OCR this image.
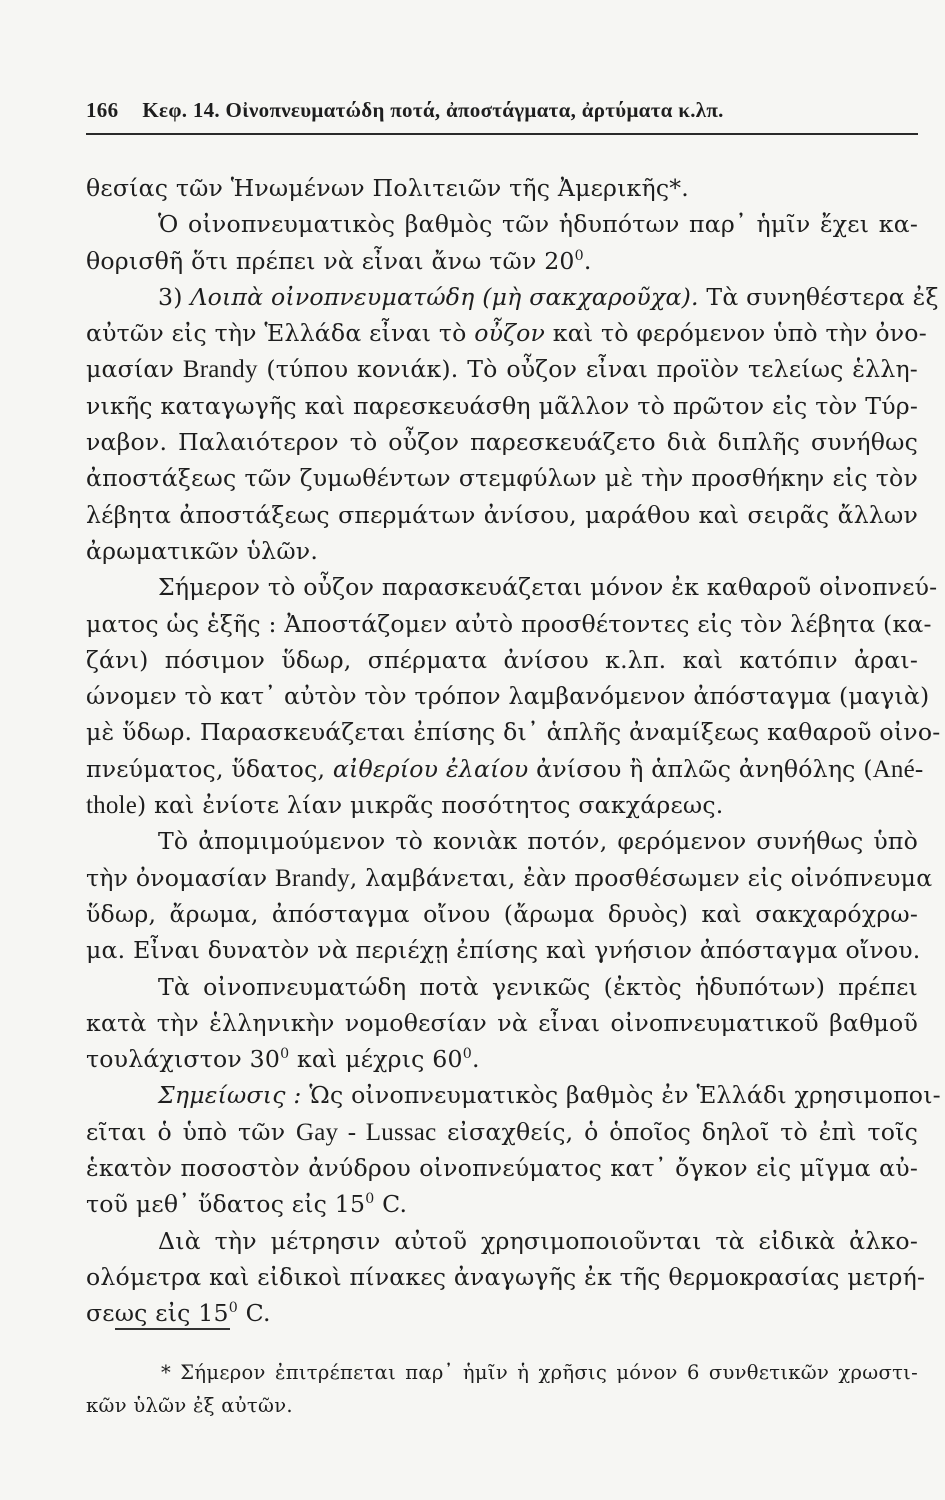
166 Κεφ. 14. Οἰνοπνευματώδη ποτά, ἀποστάγματα, ἀρτύματα κ.λπ.
θεσίας τῶν Ἡνωμένων Πολιτειῶν τῆς Ἀμερικῆς*.
Ὁ οἰνοπνευματικὸς βαθμὸς τῶν ἡδυπότων παρ᾽ ἡμῖν ἔχει κα-
θορισθῆ ὅτι πρέπει νὰ εἶναι ἄνω τῶν $20^0$.
3) Λοιπὰ οἰνοπνευματώδη (μὴ σακχαροῦχα). Τὰ συνηθέστερα ἐξ
αὐτῶν εἰς τὴν Ἑλλάδα εἶναι τὸ οὖζον καὶ τὸ φερόμενον ὑπὸ τὴν ὀνο-
μασίαν Brandy (τύπου κονιάκ). Τὸ οὖζον εἶναι προϊὸν τελείως ἑλλη-
νικῆς καταγωγῆς καὶ παρεσκευάσθη μᾶλλον τὸ πρῶτον εἰς τὸν Τύρ-
ναβον. Παλαιότερον τὸ οὖζον παρεσκευάζετο διὰ διπλῆς συνήθως
ἀποστάξεως τῶν ζυμωθέντων στεμφύλων μὲ τὴν προσθήκην εἰς τὸν
λέβητα ἀποστάξεως σπερμάτων ἀνίσου, μαράθου καὶ σειρᾶς ἄλλων
ἀρωματικῶν ὑλῶν.
Σήμερον τὸ οὖζον παρασκευάζεται μόνον ἐκ καθαροῦ οἰνοπνεύ-
ματος ὡς ἑξῆς : Ἀποστάζομεν αὐτὸ προσθέτοντες εἰς τὸν λέβητα (κα-
ζάνι) πόσιμον ὕδωρ, σπέρματα ἀνίσου κ.λπ. καὶ κατόπιν ἀραι-
ώνομεν τὸ κατ᾽ αὐτὸν τὸν τρόπον λαμβανόμενον ἀπόσταγμα (μαγιὰ)
μὲ ὕδωρ. Παρασκευάζεται ἐπίσης δι᾽ ἁπλῆς ἀναμίξεως καθαροῦ οἰνο-
πνεύματος, ὕδατος, αἰθερίου ἐλαίου ἀνίσου ἢ ἁπλῶς ἀνηθόλης (Ané-
thole) καὶ ἐνίοτε λίαν μικρᾶς ποσότητος σακχάρεως.
Τὸ ἀπομιμούμενον τὸ κονιὰκ ποτόν, φερόμενον συνήθως ὑπὸ
τὴν ὀνομασίαν Brandy, λαμβάνεται, ἐὰν προσθέσωμεν εἰς οἰνόπνευμα
ὕδωρ, ἄρωμα, ἀπόσταγμα οἴνου (ἄρωμα δρυὸς) καὶ σακχαρόχρω-
μα. Εἶναι δυνατὸν νὰ περιέχῃ ἐπίσης καὶ γνήσιον ἀπόσταγμα οἴνου.
Τὰ οἰνοπνευματώδη ποτὰ γενικῶς (ἐκτὸς ἡδυπότων) πρέπει
κατὰ τὴν ἑλληνικὴν νομοθεσίαν νὰ εἶναι οἰνοπνευματικοῦ βαθμοῦ
τουλάχιστον $30^0$ καὶ μέχρις $60^0$.
Σημείωσις : Ὡς οἰνοπνευματικὸς βαθμὸς ἐν Ἑλλάδι χρησιμοποι-
εῖται ὁ ὑπὸ τῶν Gay - Lussac εἰσαχθείς, ὁ ὁποῖος δηλοῖ τὸ ἐπὶ τοῖς
ἑκατὸν ποσοστὸν ἀνύδρου οἰνοπνεύματος κατ᾽ ὄγκον εἰς μῖγμα αὐ-
τοῦ μεθ᾽ ὕδατος εἰς $15^0$ C.
Διὰ τὴν μέτρησιν αὐτοῦ χρησιμοποιοῦνται τὰ εἰδικὰ ἀλκο-
ολόμετρα καὶ εἰδικοὶ πίνακες ἀναγωγῆς ἐκ τῆς θερμοκρασίας μετρή-
σεως εἰς $15^0$ C.
* Σήμερον ἐπιτρέπεται παρ᾽ ἡμῖν ἡ χρῆσις μόνον 6 συνθετικῶν χρωστι-
κῶν ὑλῶν ἐξ αὐτῶν.
